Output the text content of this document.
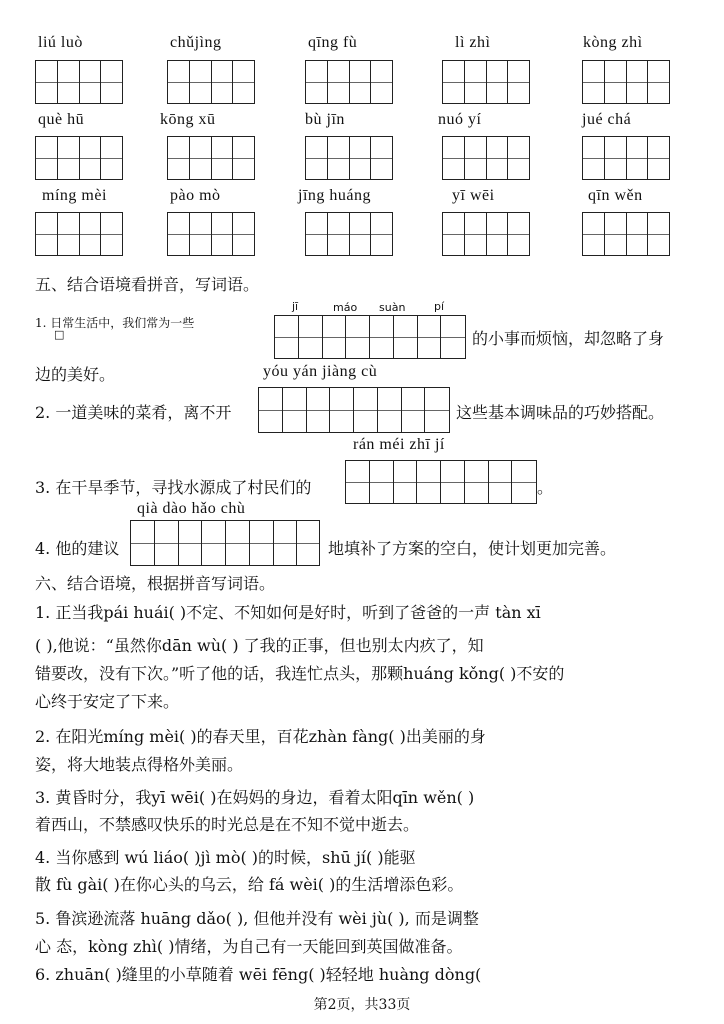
liú luò	chǔjìng	qīng fù	lì zhì	kòng zhì
què hū	kōng xū	bù jīn	nuó yí	jué chá
míng mèi	pào mò	jīng huáng	yī wēi	qīn wěn
五、结合语境看拼音，写词语。
jī	máo suàn	pí
1. 日常生活中，我们常为一些
□	的小事而烦恼，却忽略了身
边的美好。	yóu yán jiàng cù
2. 一道美味的菜肴，离不开	这些基本调味品的巧妙搭配。
rán méi zhī jí
3. 在干旱季节，寻找水源成了村民们的	。
qià dào hǎo chù
4. 他的建议	地填补了方案的空白，使计划更加完善。
六、结合语境，根据拼音写词语。
1. 正当我pái huái( )不定、不知如何是好时，听到了爸爸的一声 tàn xī
( ),他说：“虽然你dān wù( ) 了我的正事，但也别太内疚了，知
错要改，没有下次。”听了他的话，我连忙点头，那颗huáng kǒng( )不安的
心终于安定了下来。
2. 在阳光míng mèi( )的春天里，百花zhàn fàng( )出美丽的身
姿，将大地装点得格外美丽。
3. 黄昏时分，我yī wēi( )在妈妈的身边，看着太阳qīn wěn( )
着西山，不禁感叹快乐的时光总是在不知不觉中逝去。
4. 当你感到 wú liáo( )jì mò( )的时候，shū jí( )能驱
散 fù gài( )在你心头的乌云，给 fá wèi( )的生活增添色彩。
5. 鲁滨逊流落 huāng dǎo( ), 但他并没有 wèi jù( ), 而是调整
心 态，kòng zhì( )情绪，为自己有一天能回到英国做准备。
6. zhuān( )缝里的小草随着 wēi fēng( )轻轻地 huàng dòng(
第2页，共33页
